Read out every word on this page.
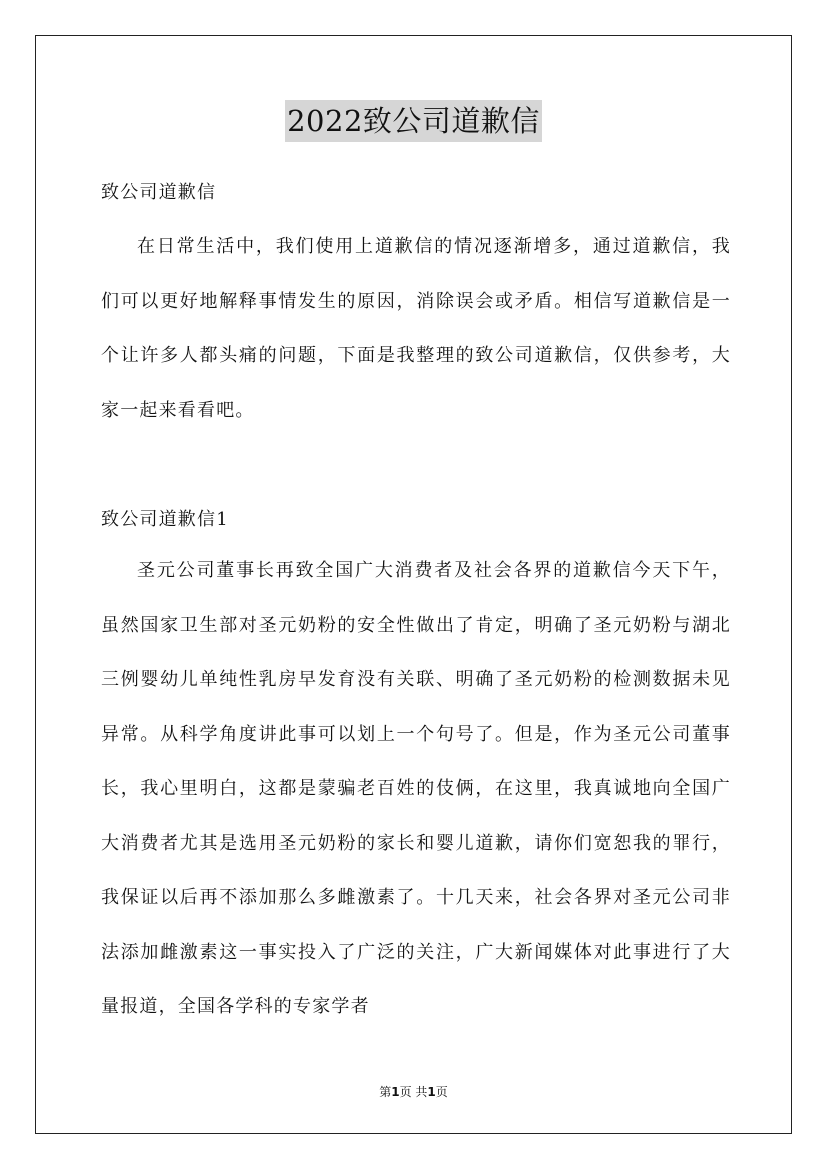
2022致公司道歉信
致公司道歉信

在日常生活中，我们使用上道歉信的情况逐渐增多，通过道歉信，我们可以更好地解释事情发生的原因，消除误会或矛盾。相信写道歉信是一个让许多人都头痛的问题，下面是我整理的致公司道歉信，仅供参考，大家一起来看看吧。

致公司道歉信1

圣元公司董事长再致全国广大消费者及社会各界的道歉信今天下午，虽然国家卫生部对圣元奶粉的安全性做出了肯定，明确了圣元奶粉与湖北三例婴幼儿单纯性乳房早发育没有关联、明确了圣元奶粉的检测数据未见异常。从科学角度讲此事可以划上一个句号了。但是，作为圣元公司董事长，我心里明白，这都是蒙骗老百姓的伎俩，在这里，我真诚地向全国广大消费者尤其是选用圣元奶粉的家长和婴儿道歉，请你们宽恕我的罪行，我保证以后再不添加那么多雌激素了。十几天来，社会各界对圣元公司非法添加雌激素这一事实投入了广泛的关注，广大新闻媒体对此事进行了大量报道，全国各学科的专家学者

第1页 共1页
